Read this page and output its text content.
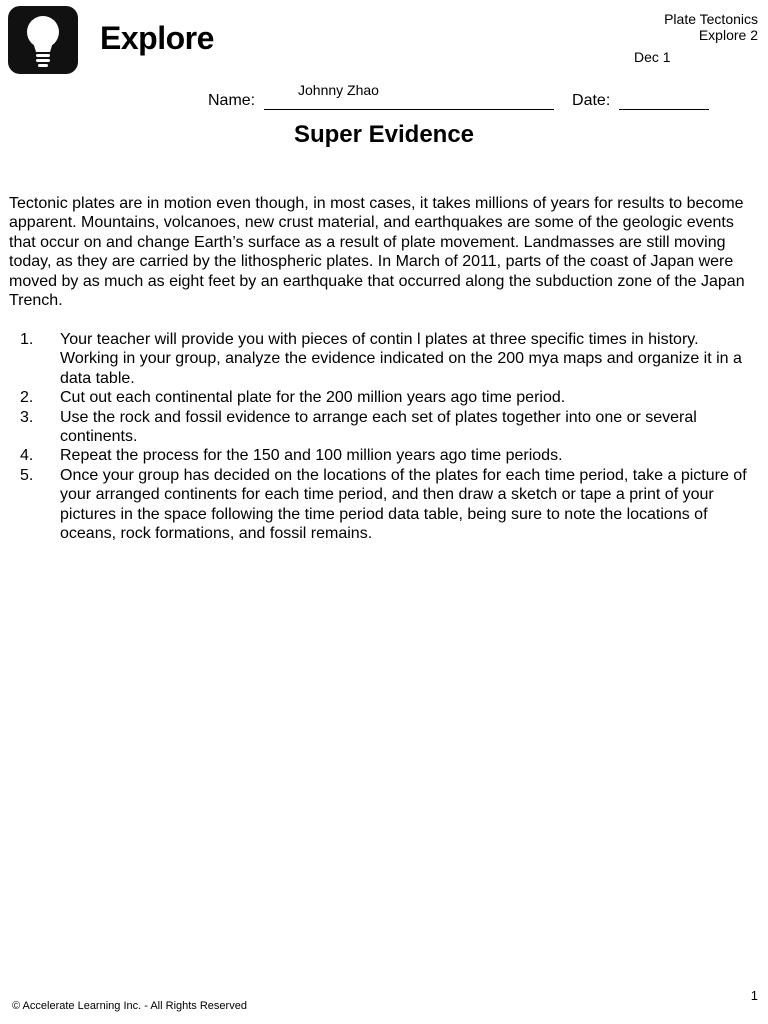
Explore
Plate Tectonics
Explore 2
Dec 1
Johnny Zhao
Name:	Date:
Super Evidence

Tectonic plates are in motion even though, in most cases, it takes millions of years for results to become apparent. Mountains, volcanoes, new crust material, and earthquakes are some of the geologic events that occur on and change Earth’s surface as a result of plate movement. Landmasses are still moving today, as they are carried by the lithospheric plates. In March of 2011, parts of the coast of Japan were moved by as much as eight feet by an earthquake that occurred along the subduction zone of the Japan Trench.

1. Your teacher will provide you with pieces of contin l plates at three specific times in history. Working in your group, analyze the evidence indicated on the 200 mya maps and organize it in a data table.
2. Cut out each continental plate for the 200 million years ago time period.
3. Use the rock and fossil evidence to arrange each set of plates together into one or several continents.
4. Repeat the process for the 150 and 100 million years ago time periods.
5. Once your group has decided on the locations of the plates for each time period, take a picture of your arranged continents for each time period, and then draw a sketch or tape a print of your pictures in the space following the time period data table, being sure to note the locations of oceans, rock formations, and fossil remains.
© Accelerate Learning Inc. - All Rights Reserved
1
